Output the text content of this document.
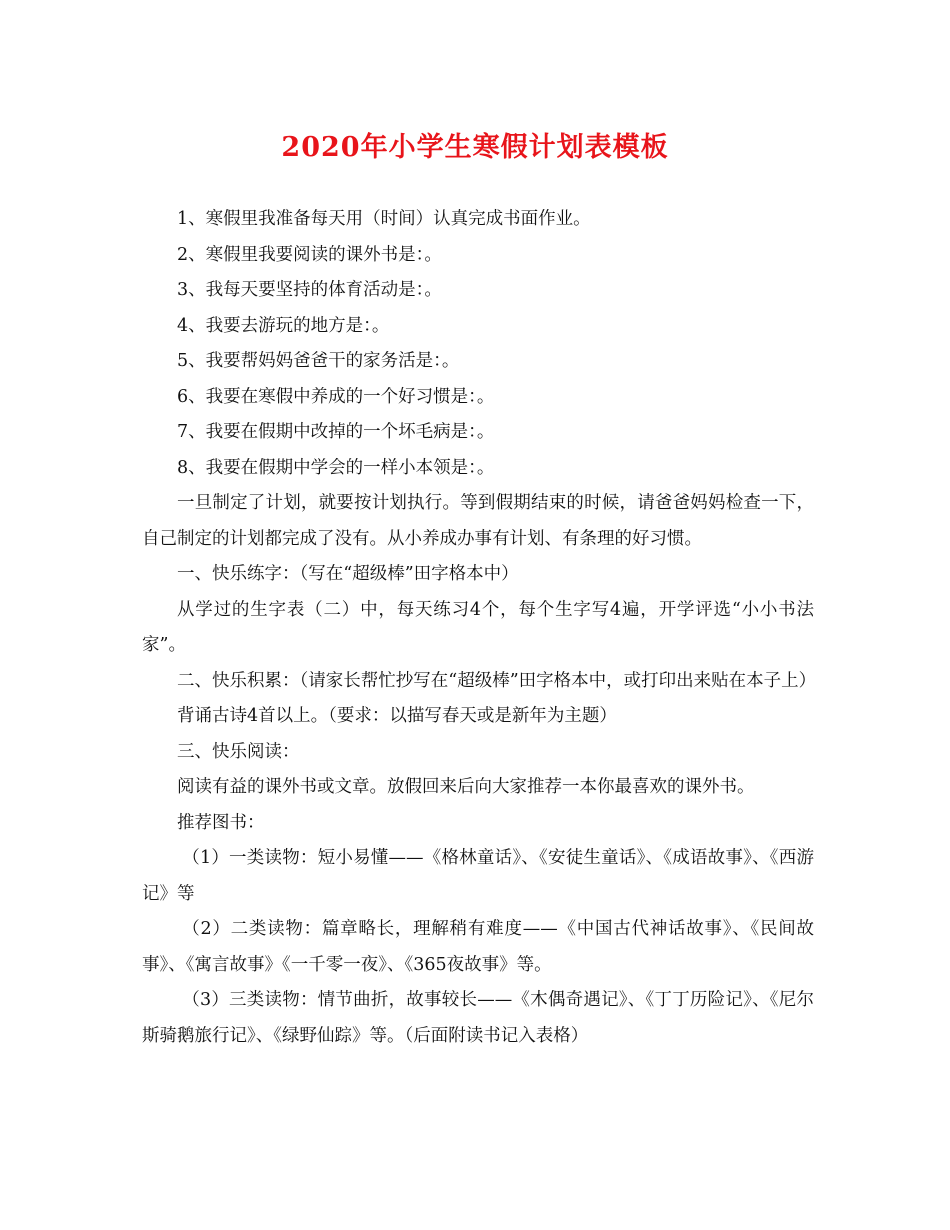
2020年小学生寒假计划表模板

1、寒假里我准备每天用（时间）认真完成书面作业。

2、寒假里我要阅读的课外书是：。

3、我每天要坚持的体育活动是：。

4、我要去游玩的地方是：。

5、我要帮妈妈爸爸干的家务活是：。

6、我要在寒假中养成的一个好习惯是：。

7、我要在假期中改掉的一个坏毛病是：。

8、我要在假期中学会的一样小本领是：。

一旦制定了计划，就要按计划执行。等到假期结束的时候，请爸爸妈妈检查一下，自己制定的计划都完成了没有。从小养成办事有计划、有条理的好习惯。

一、快乐练字：（写在“超级棒”田字格本中）

从学过的生字表（二）中，每天练习4个，每个生字写4遍，开学评选“小小书法家”。

二、快乐积累：（请家长帮忙抄写在“超级棒”田字格本中，或打印出来贴在本子上）

背诵古诗4首以上。（要求：以描写春天或是新年为主题）

三、快乐阅读：

阅读有益的课外书或文章。放假回来后向大家推荐一本你最喜欢的课外书。

推荐图书：

（1）一类读物：短小易懂——《格林童话》、《安徒生童话》、《成语故事》、《西游记》等

（2）二类读物：篇章略长，理解稍有难度——《中国古代神话故事》、《民间故事》、《寓言故事》《一千零一夜》、《365夜故事》等。

（3）三类读物：情节曲折，故事较长——《木偶奇遇记》、《丁丁历险记》、《尼尔斯骑鹅旅行记》、《绿野仙踪》等。（后面附读书记入表格）
